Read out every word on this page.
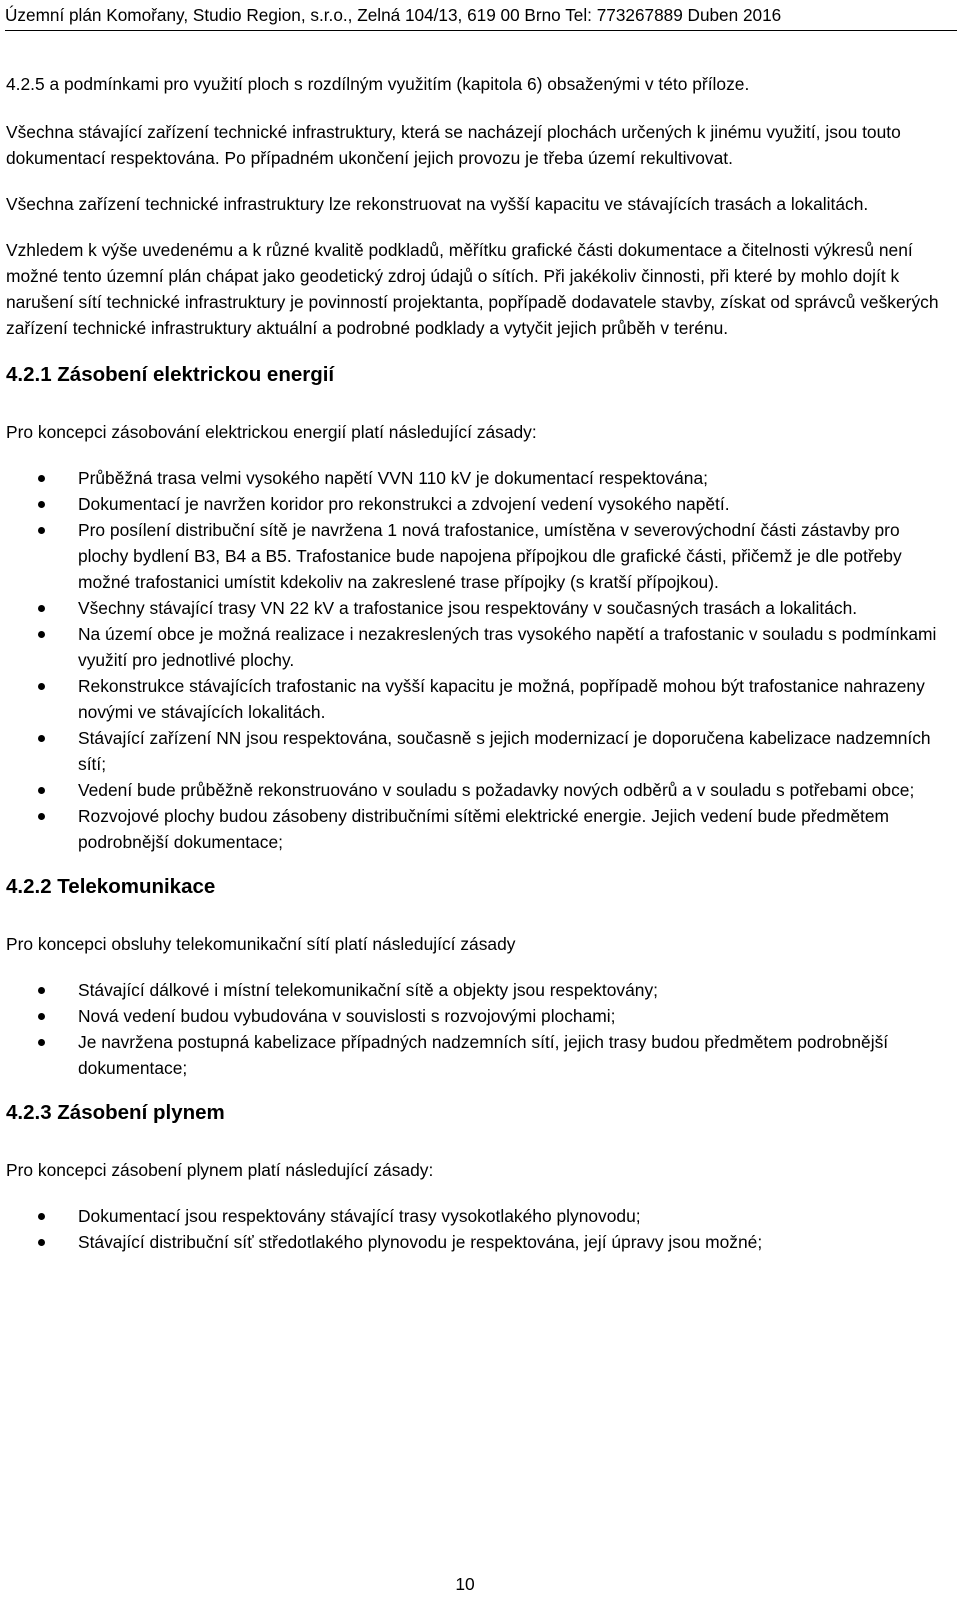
Územní plán Komořany, Studio Region, s.r.o., Zelná 104/13, 619 00 Brno Tel: 773267889 Duben 2016

4.2.5 a podmínkami pro využití ploch s rozdílným využitím (kapitola 6) obsaženými v této příloze.

Všechna stávající zařízení technické infrastruktury, která se nacházejí plochách určených k jinému využití, jsou touto dokumentací respektována. Po případném ukončení jejich provozu je třeba území rekultivovat.

Všechna zařízení technické infrastruktury lze rekonstruovat na vyšší kapacitu ve stávajících trasách a lokalitách.

Vzhledem k výše uvedenému a k různé kvalitě podkladů, měřítku grafické části dokumentace a čitelnosti výkresů není možné tento územní plán chápat jako geodetický zdroj údajů o sítích. Při jakékoliv činnosti, při které by mohlo dojít k narušení sítí technické infrastruktury je povinností projektanta, popřípadě dodavatele stavby, získat od správců veškerých zařízení technické infrastruktury aktuální a podrobné podklady a vytyčit jejich průběh v terénu.

4.2.1 Zásobení elektrickou energií

Pro koncepci zásobování elektrickou energií platí následující zásady:

Průběžná trasa velmi vysokého napětí VVN 110 kV je dokumentací respektována;
Dokumentací je navržen koridor pro rekonstrukci a zdvojení vedení vysokého napětí.
Pro posílení distribuční sítě je navržena 1 nová trafostanice, umístěna v severovýchodní části zástavby pro plochy bydlení B3, B4 a B5. Trafostanice bude napojena přípojkou dle grafické části, přičemž je dle potřeby možné trafostanici umístit kdekoliv na zakreslené trase přípojky (s kratší přípojkou).
Všechny stávající trasy VN 22 kV a trafostanice jsou respektovány v současných trasách a lokalitách.
Na území obce je možná realizace i nezakreslených tras vysokého napětí a trafostanic v souladu s podmínkami využití pro jednotlivé plochy.
Rekonstrukce stávajících trafostanic na vyšší kapacitu je možná, popřípadě mohou být trafostanice nahrazeny novými ve stávajících lokalitách.
Stávající zařízení NN jsou respektována, současně s jejich modernizací je doporučena kabelizace nadzemních sítí;
Vedení bude průběžně rekonstruováno v souladu s požadavky nových odběrů a v souladu s potřebami obce;
Rozvojové plochy budou zásobeny distribučními sítěmi elektrické energie. Jejich vedení bude předmětem podrobnější dokumentace;
4.2.2 Telekomunikace

Pro koncepci obsluhy telekomunikační sítí platí následující zásady

Stávající dálkové i místní telekomunikační sítě a objekty jsou respektovány;
Nová vedení budou vybudována v souvislosti s rozvojovými plochami;
Je navržena postupná kabelizace případných nadzemních sítí, jejich trasy budou předmětem podrobnější dokumentace;
4.2.3 Zásobení plynem

Pro koncepci zásobení plynem platí následující zásady:

Dokumentací jsou respektovány stávající trasy vysokotlakého plynovodu;
Stávající distribuční síť středotlakého plynovodu je respektována, její úpravy jsou možné;
10
